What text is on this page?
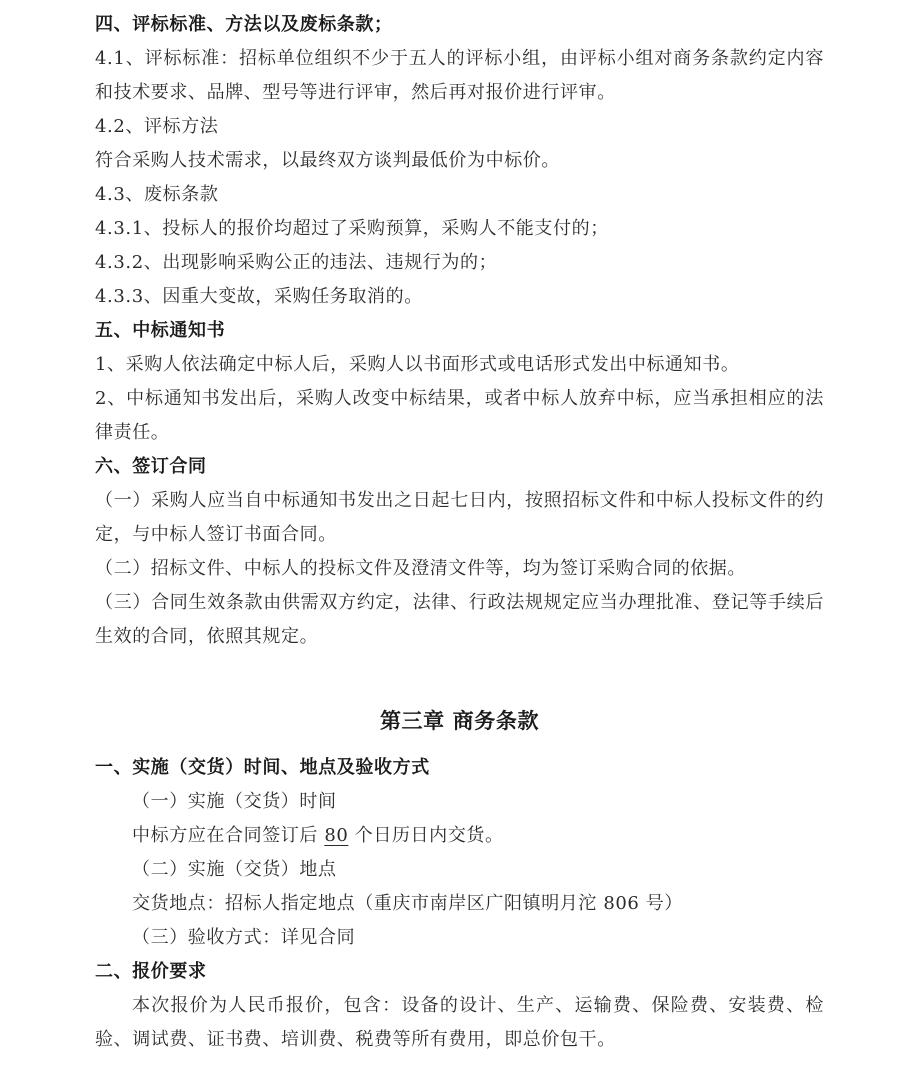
四、评标标准、方法以及废标条款；

4.1、评标标准：招标单位组织不少于五人的评标小组，由评标小组对商务条款约定内容和技术要求、品牌、型号等进行评审，然后再对报价进行评审。

4.2、评标方法

符合采购人技术需求，以最终双方谈判最低价为中标价。

4.3、废标条款

4.3.1、投标人的报价均超过了采购预算，采购人不能支付的；

4.3.2、出现影响采购公正的违法、违规行为的；

4.3.3、因重大变故，采购任务取消的。

五、中标通知书

1、采购人依法确定中标人后，采购人以书面形式或电话形式发出中标通知书。

2、中标通知书发出后，采购人改变中标结果，或者中标人放弃中标，应当承担相应的法律责任。

六、签订合同

（一）采购人应当自中标通知书发出之日起七日内，按照招标文件和中标人投标文件的约定，与中标人签订书面合同。

（二）招标文件、中标人的投标文件及澄清文件等，均为签订采购合同的依据。

（三）合同生效条款由供需双方约定，法律、行政法规规定应当办理批准、登记等手续后生效的合同，依照其规定。

第三章 商务条款

一、实施（交货）时间、地点及验收方式

（一）实施（交货）时间

中标方应在合同签订后 80 个日历日内交货。

（二）实施（交货）地点

交货地点：招标人指定地点（重庆市南岸区广阳镇明月沱 806 号）

（三）验收方式：详见合同

二、报价要求

本次报价为人民币报价，包含：设备的设计、生产、运输费、保险费、安装费、检验、调试费、证书费、培训费、税费等所有费用，即总价包干。
